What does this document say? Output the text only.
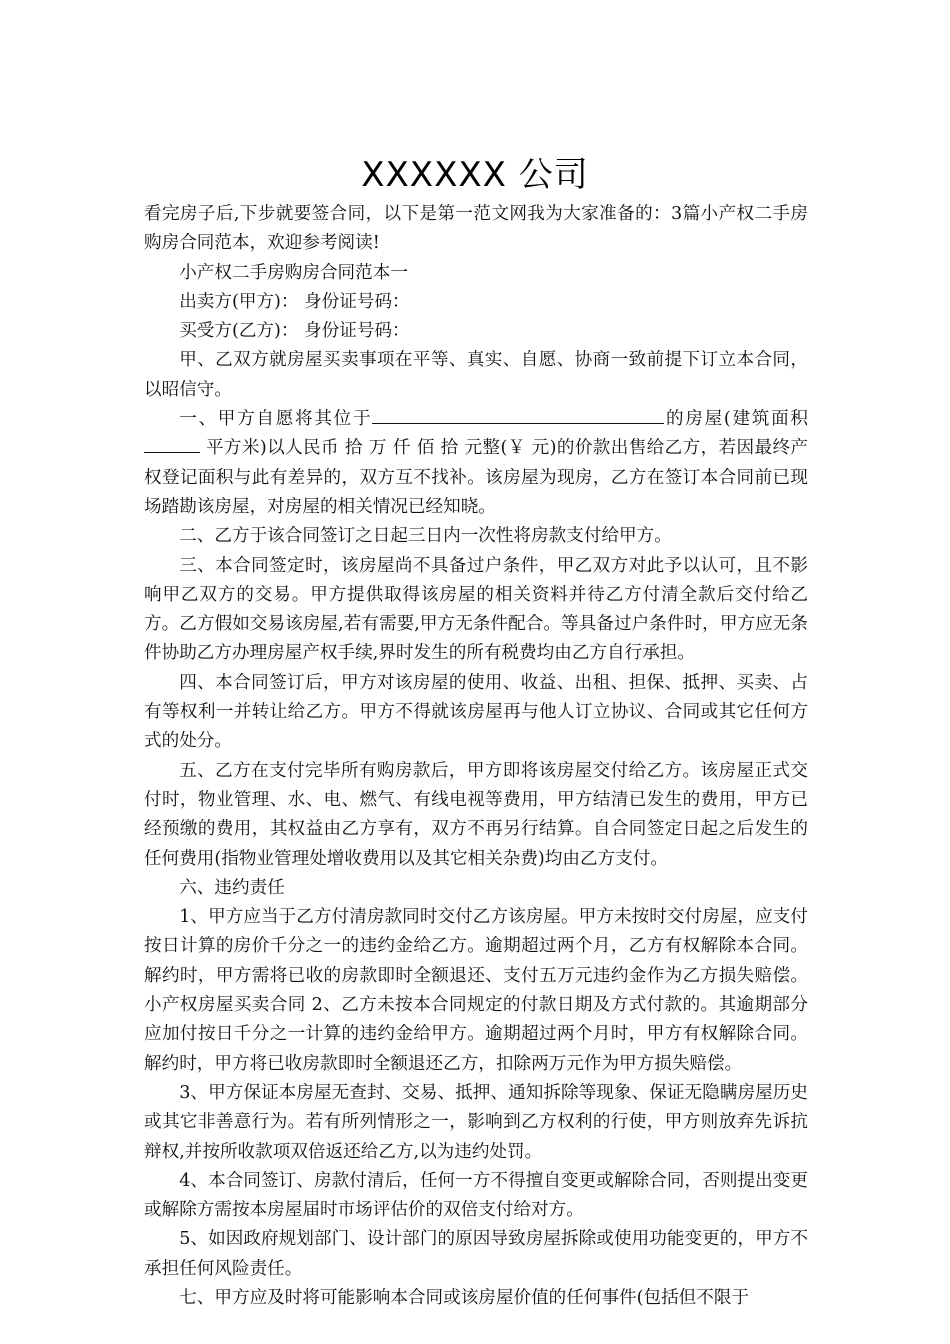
XXXXXX 公司

看完房子后,下步就要签合同，以下是第一范文网我为大家准备的：3篇小产权二手房购房合同范本，欢迎参考阅读!

小产权二手房购房合同范本一

出卖方(甲方)： 身份证号码：

买受方(乙方)： 身份证号码：

甲、乙双方就房屋买卖事项在平等、真实、自愿、协商一致前提下订立本合同，以昭信守。

一、甲方自愿将其位于	的房屋(建筑面积 平方米)以人民币 拾 万 仟 佰 拾 元整(￥ 元)的价款出售给乙方，若因最终产权登记面积与此有差异的，双方互不找补。该房屋为现房，乙方在签订本合同前已现场踏勘该房屋，对房屋的相关情况已经知晓。

二、乙方于该合同签订之日起三日内一次性将房款支付给甲方。

三、本合同签定时，该房屋尚不具备过户条件，甲乙双方对此予以认可，且不影响甲乙双方的交易。甲方提供取得该房屋的相关资料并待乙方付清全款后交付给乙方。乙方假如交易该房屋,若有需要,甲方无条件配合。等具备过户条件时，甲方应无条件协助乙方办理房屋产权手续,界时发生的所有税费均由乙方自行承担。

四、本合同签订后，甲方对该房屋的使用、收益、出租、担保、抵押、买卖、占有等权利一并转让给乙方。甲方不得就该房屋再与他人订立协议、合同或其它任何方式的处分。

五、乙方在支付完毕所有购房款后，甲方即将该房屋交付给乙方。该房屋正式交付时，物业管理、水、电、燃气、有线电视等费用，甲方结清已发生的费用，甲方已经预缴的费用，其权益由乙方享有，双方不再另行结算。自合同签定日起之后发生的任何费用(指物业管理处增收费用以及其它相关杂费)均由乙方支付。

六、违约责任

1、甲方应当于乙方付清房款同时交付乙方该房屋。甲方未按时交付房屋，应支付按日计算的房价千分之一的违约金给乙方。逾期超过两个月，乙方有权解除本合同。解约时，甲方需将已收的房款即时全额退还、支付五万元违约金作为乙方损失赔偿。小产权房屋买卖合同 2、乙方未按本合同规定的付款日期及方式付款的。其逾期部分应加付按日千分之一计算的违约金给甲方。逾期超过两个月时，甲方有权解除合同。解约时，甲方将已收房款即时全额退还乙方，扣除两万元作为甲方损失赔偿。

3、甲方保证本房屋无查封、交易、抵押、通知拆除等现象、保证无隐瞒房屋历史或其它非善意行为。若有所列情形之一，影响到乙方权利的行使，甲方则放弃先诉抗辩权,并按所收款项双倍返还给乙方,以为违约处罚。

4、本合同签订、房款付清后，任何一方不得擅自变更或解除合同，否则提出变更或解除方需按本房屋届时市场评估价的双倍支付给对方。

5、如因政府规划部门、设计部门的原因导致房屋拆除或使用功能变更的，甲方不承担任何风险责任。

七、甲方应及时将可能影响本合同或该房屋价值的任何事件(包括但不限于
